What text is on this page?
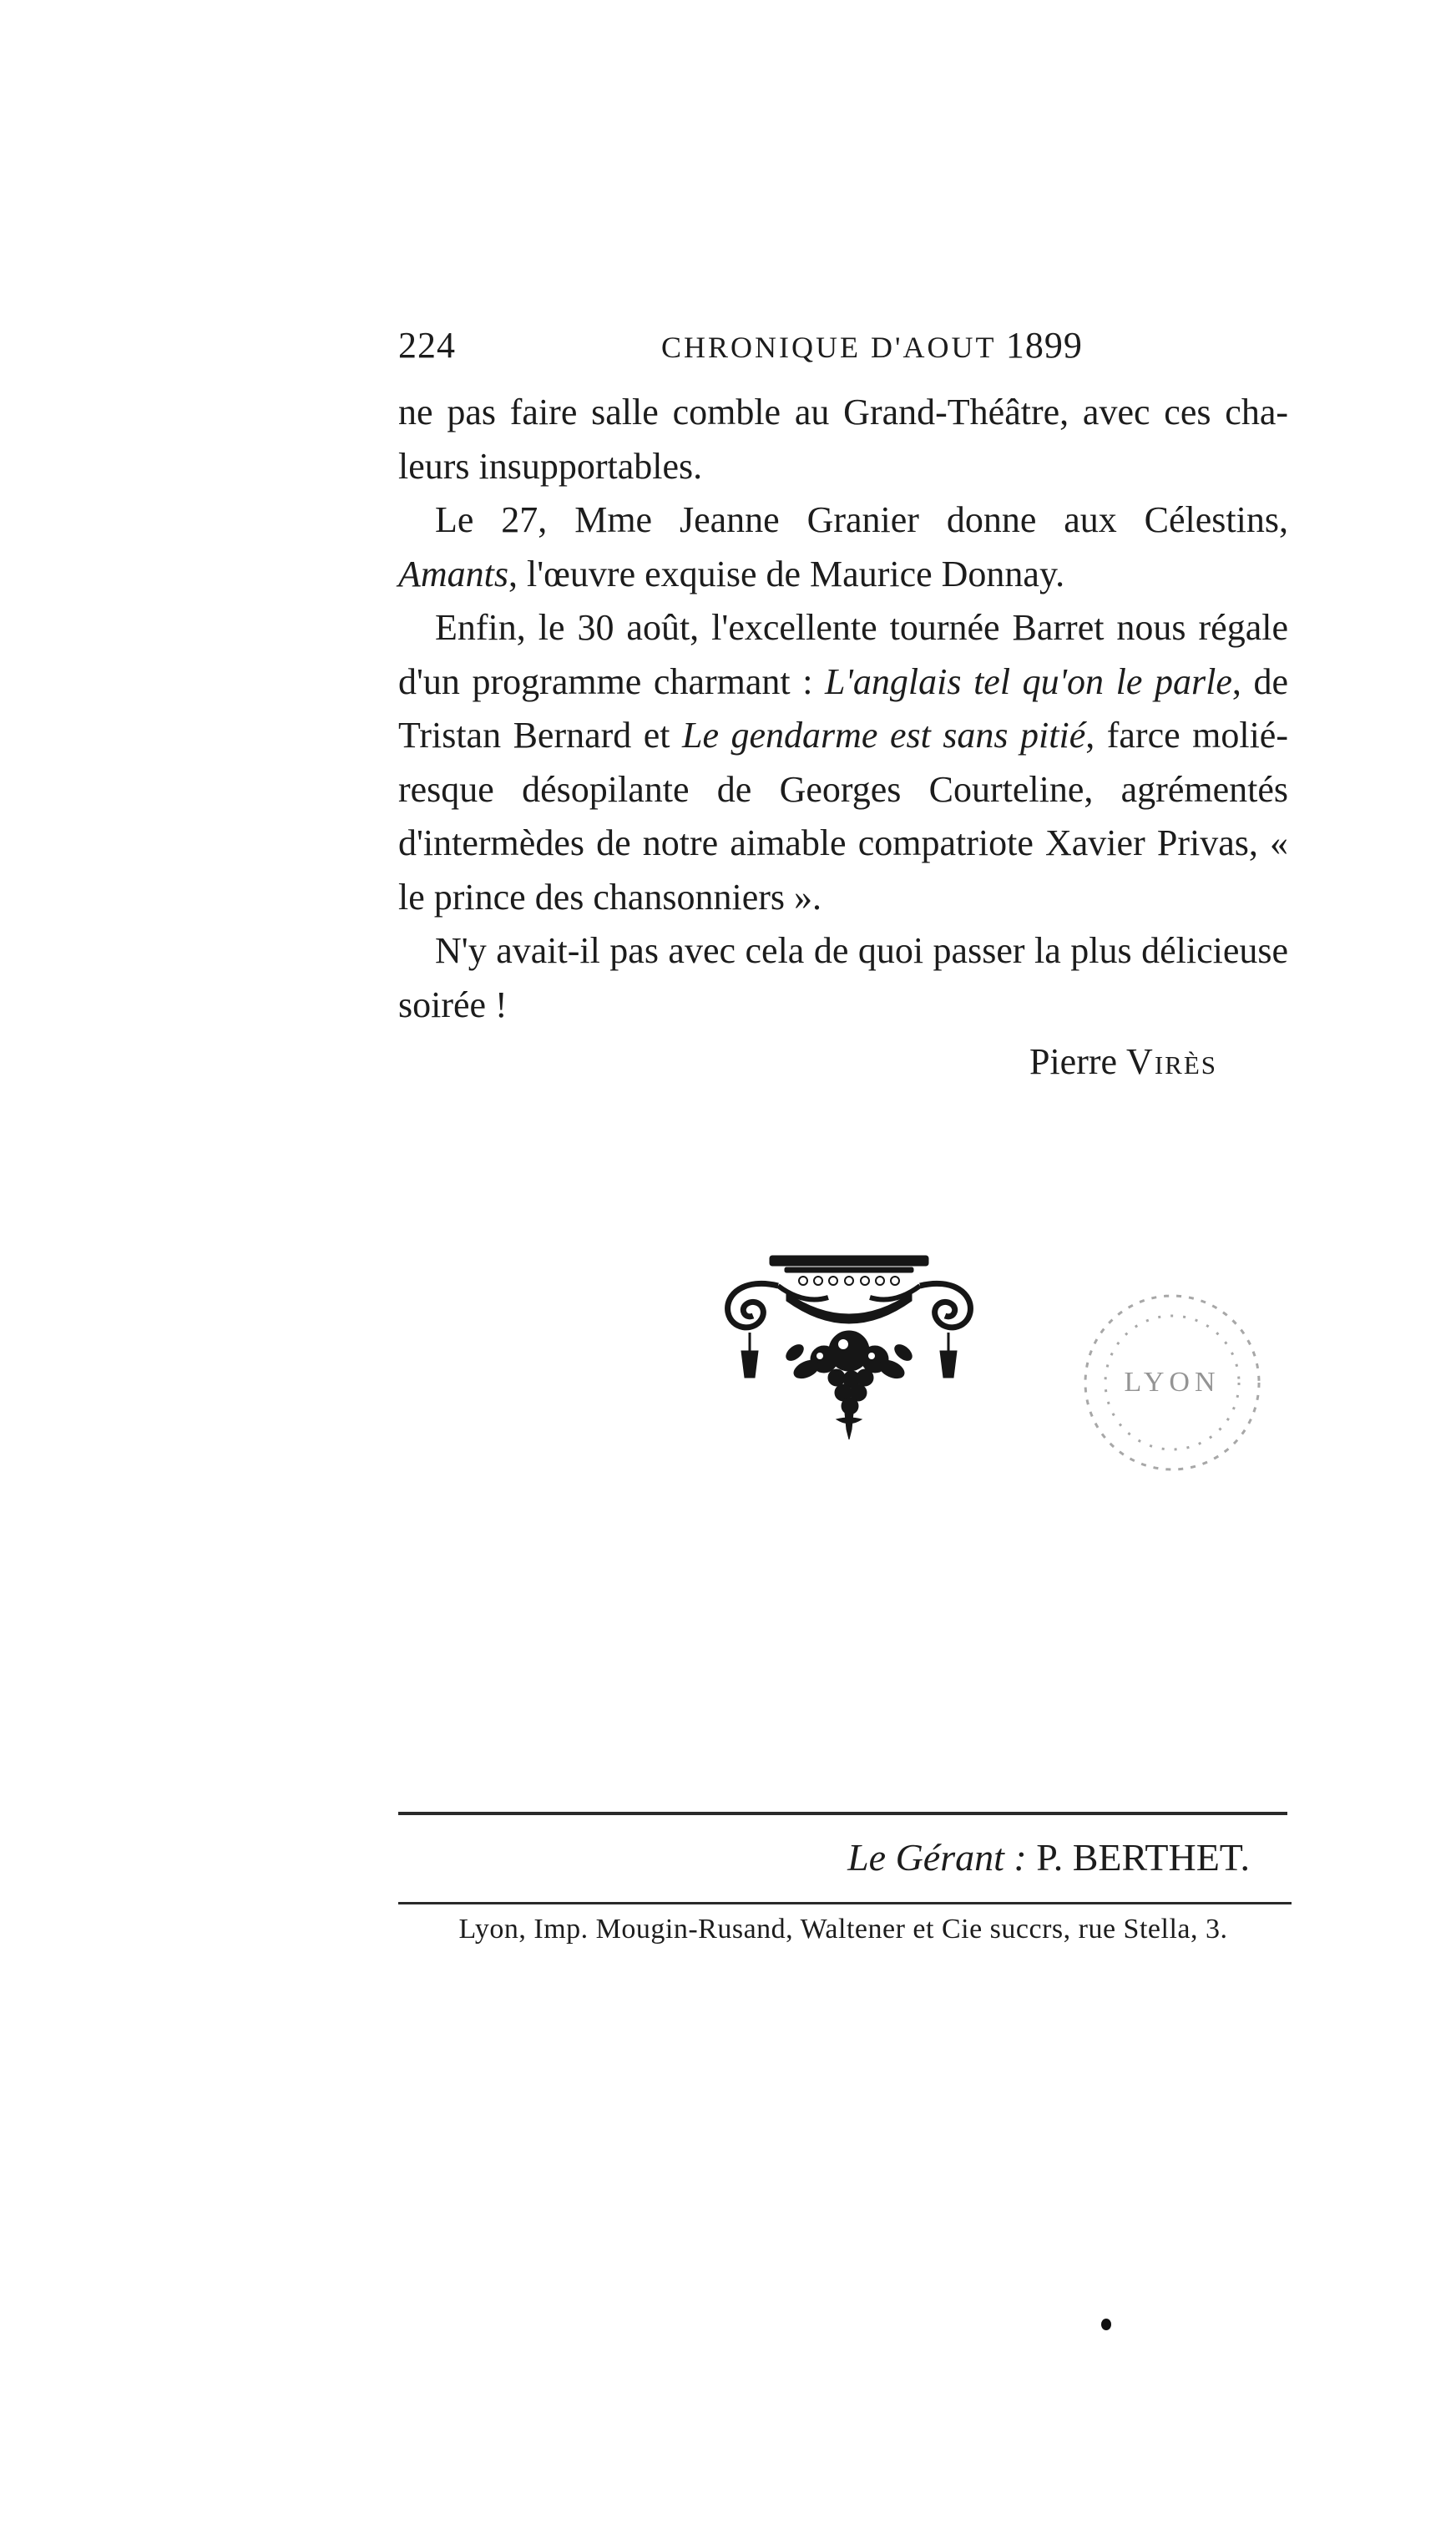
224	CHRONIQUE D'AOUT 1899

ne pas faire salle comble au Grand-Théâtre, avec ces chaleurs insupportables.

Le 27, Mme Jeanne Granier donne aux Célestins, Amants, l'œuvre exquise de Maurice Donnay.

Enfin, le 30 août, l'excellente tournée Barret nous régale d'un programme charmant : L'anglais tel qu'on le parle, de Tristan Bernard et Le gendarme est sans pitié, farce moliéresque désopilante de Georges Courteline, agrémentés d'intermèdes de notre aimable compatriote Xavier Privas, « le prince des chansonniers ».

N'y avait-il pas avec cela de quoi passer la plus délicieuse soirée !

Pierre Virès

LYON
Le Gérant : P. BERTHET.
Lyon, Imp. Mougin-Rusand, Waltener et Cie succrs, rue Stella, 3.
